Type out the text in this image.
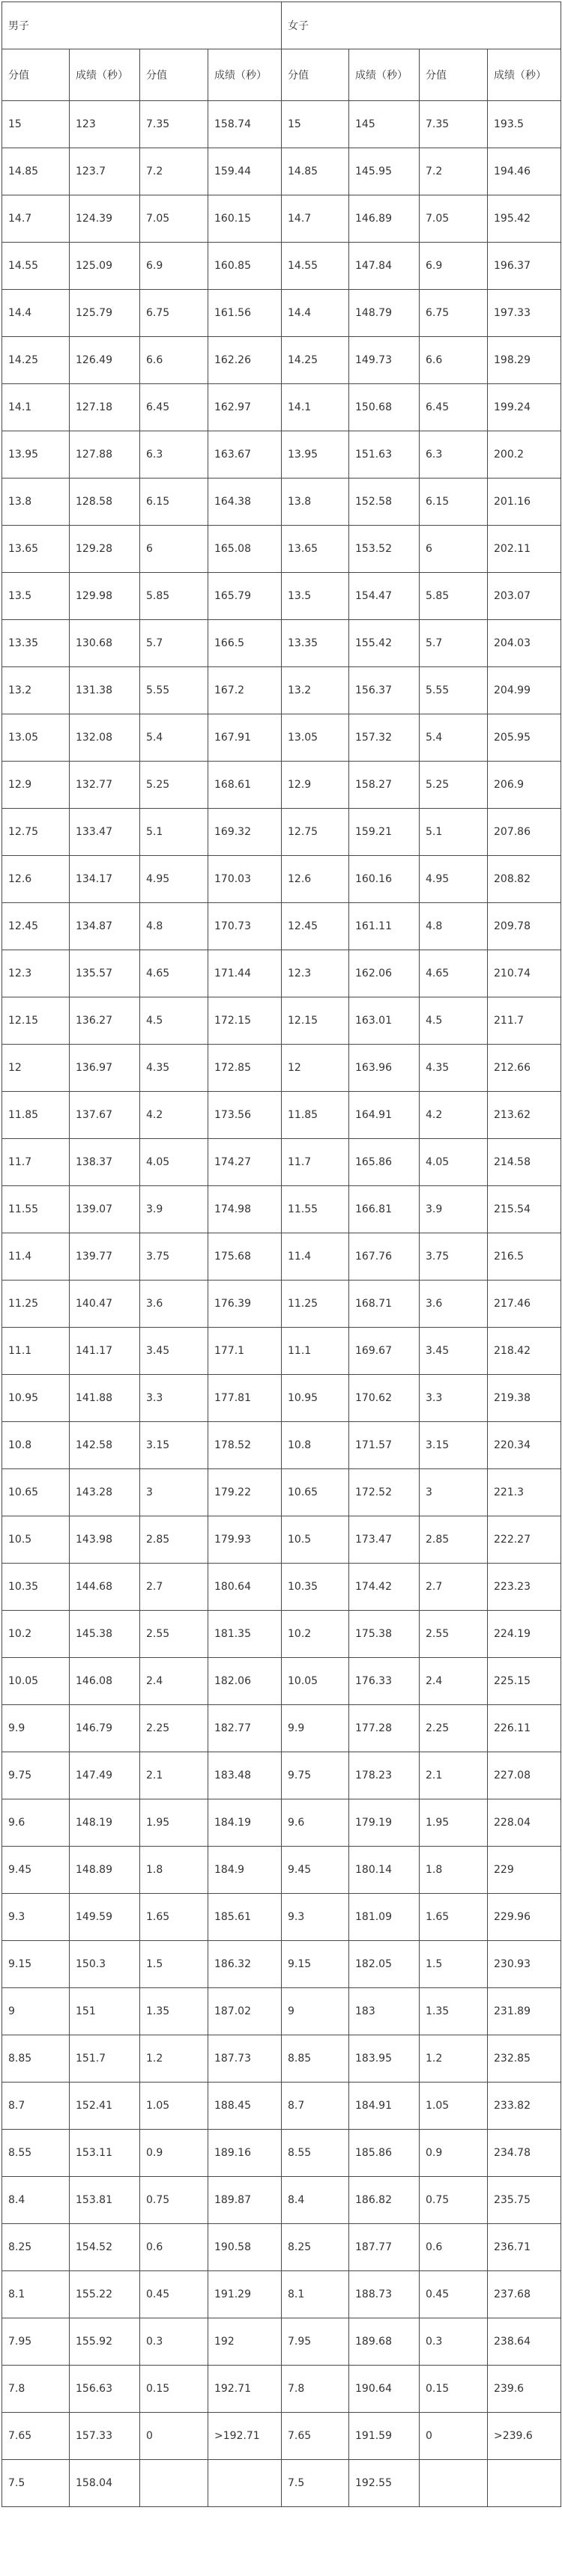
男子				女子			
分值	成绩（秒）	分值	成绩（秒）	分值	成绩（秒）	分值	成绩（秒）
15	123	7.35	158.74	15	145	7.35	193.5
14.85	123.7	7.2	159.44	14.85	145.95	7.2	194.46
14.7	124.39	7.05	160.15	14.7	146.89	7.05	195.42
14.55	125.09	6.9	160.85	14.55	147.84	6.9	196.37
14.4	125.79	6.75	161.56	14.4	148.79	6.75	197.33
14.25	126.49	6.6	162.26	14.25	149.73	6.6	198.29
14.1	127.18	6.45	162.97	14.1	150.68	6.45	199.24
13.95	127.88	6.3	163.67	13.95	151.63	6.3	200.2
13.8	128.58	6.15	164.38	13.8	152.58	6.15	201.16
13.65	129.28	6	165.08	13.65	153.52	6	202.11
13.5	129.98	5.85	165.79	13.5	154.47	5.85	203.07
13.35	130.68	5.7	166.5	13.35	155.42	5.7	204.03
13.2	131.38	5.55	167.2	13.2	156.37	5.55	204.99
13.05	132.08	5.4	167.91	13.05	157.32	5.4	205.95
12.9	132.77	5.25	168.61	12.9	158.27	5.25	206.9
12.75	133.47	5.1	169.32	12.75	159.21	5.1	207.86
12.6	134.17	4.95	170.03	12.6	160.16	4.95	208.82
12.45	134.87	4.8	170.73	12.45	161.11	4.8	209.78
12.3	135.57	4.65	171.44	12.3	162.06	4.65	210.74
12.15	136.27	4.5	172.15	12.15	163.01	4.5	211.7
12	136.97	4.35	172.85	12	163.96	4.35	212.66
11.85	137.67	4.2	173.56	11.85	164.91	4.2	213.62
11.7	138.37	4.05	174.27	11.7	165.86	4.05	214.58
11.55	139.07	3.9	174.98	11.55	166.81	3.9	215.54
11.4	139.77	3.75	175.68	11.4	167.76	3.75	216.5
11.25	140.47	3.6	176.39	11.25	168.71	3.6	217.46
11.1	141.17	3.45	177.1	11.1	169.67	3.45	218.42
10.95	141.88	3.3	177.81	10.95	170.62	3.3	219.38
10.8	142.58	3.15	178.52	10.8	171.57	3.15	220.34
10.65	143.28	3	179.22	10.65	172.52	3	221.3
10.5	143.98	2.85	179.93	10.5	173.47	2.85	222.27
10.35	144.68	2.7	180.64	10.35	174.42	2.7	223.23
10.2	145.38	2.55	181.35	10.2	175.38	2.55	224.19
10.05	146.08	2.4	182.06	10.05	176.33	2.4	225.15
9.9	146.79	2.25	182.77	9.9	177.28	2.25	226.11
9.75	147.49	2.1	183.48	9.75	178.23	2.1	227.08
9.6	148.19	1.95	184.19	9.6	179.19	1.95	228.04
9.45	148.89	1.8	184.9	9.45	180.14	1.8	229
9.3	149.59	1.65	185.61	9.3	181.09	1.65	229.96
9.15	150.3	1.5	186.32	9.15	182.05	1.5	230.93
9	151	1.35	187.02	9	183	1.35	231.89
8.85	151.7	1.2	187.73	8.85	183.95	1.2	232.85
8.7	152.41	1.05	188.45	8.7	184.91	1.05	233.82
8.55	153.11	0.9	189.16	8.55	185.86	0.9	234.78
8.4	153.81	0.75	189.87	8.4	186.82	0.75	235.75
8.25	154.52	0.6	190.58	8.25	187.77	0.6	236.71
8.1	155.22	0.45	191.29	8.1	188.73	0.45	237.68
7.95	155.92	0.3	192	7.95	189.68	0.3	238.64
7.8	156.63	0.15	192.71	7.8	190.64	0.15	239.6
7.65	157.33	0	>192.71	7.65	191.59	0	>239.6
7.5	158.04			7.5	192.55		
